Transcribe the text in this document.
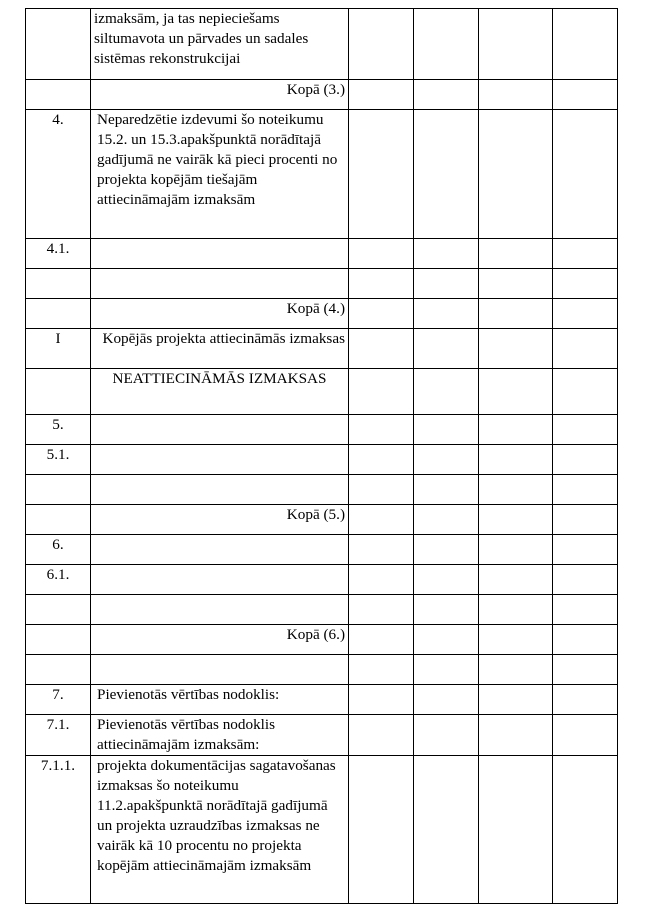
	izmaksām, ja tas nepieciešams siltumavota un pārvades un sadales sistēmas rekonstrukcijai				
	Kopā (3.)				
4.	Neparedzētie izdevumi šo noteikumu 15.2. un 15.3.apakšpunktā norādītajā gadījumā ne vairāk kā pieci procenti no projekta kopējām tiešajām attiecināmajām izmaksām				
4.1.					

	Kopā (4.)				
I	Kopējās projekta attiecināmās izmaksas				
	NEATTIECINĀMĀS IZMAKSAS				
5.					
5.1.					

	Kopā (5.)				
6.					
6.1.					

	Kopā (6.)				

7.	Pievienotās vērtības nodoklis:				
7.1.	Pievienotās vērtības nodoklis attiecināmajām izmaksām:				
7.1.1.	projekta dokumentācijas sagatavošanas izmaksas šo noteikumu 11.2.apakšpunktā norādītajā gadījumā un projekta uzraudzības izmaksas ne vairāk kā 10 procentu no projekta kopējām attiecināmajām izmaksām				
